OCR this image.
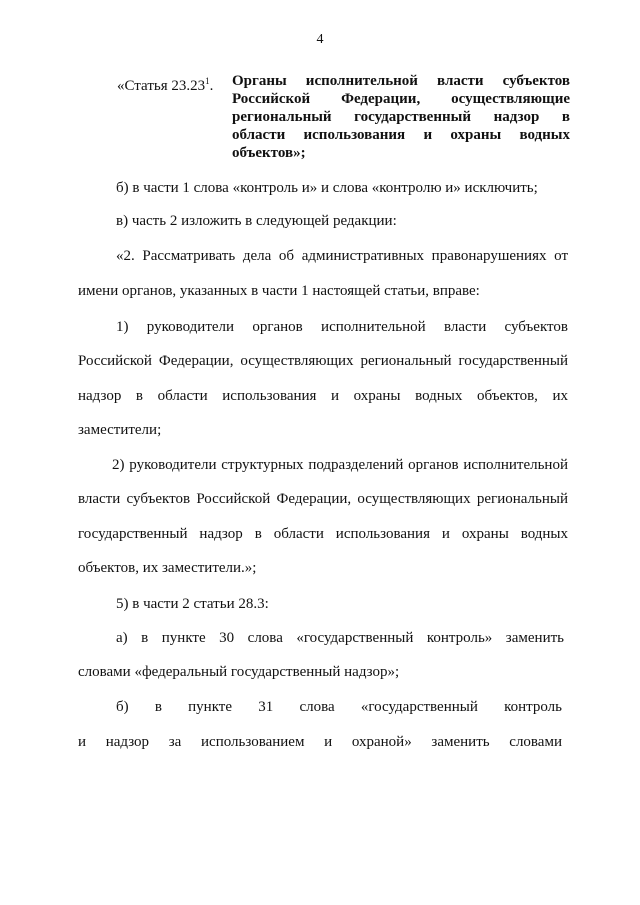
4
«Статья 23.23$^1$. Органы исполнительной власти субъектов
Российской Федерации, осуществляющие
региональный государственный надзор в
области использования и охраны водных
объектов»;
б) в части 1 слова «контроль и» и слова «контролю и» исключить;
в) часть 2 изложить в следующей редакции:
«2. Рассматривать дела об административных правонарушениях от
имени органов, указанных в части 1 настоящей статьи, вправе:
1) руководители органов исполнительной власти субъектов
Российской Федерации, осуществляющих региональный государственный
надзор в области использования и охраны водных объектов, их
заместители;
2) руководители структурных подразделений органов исполнительной
власти субъектов Российской Федерации, осуществляющих региональный
государственный надзор в области использования и охраны водных
объектов, их заместители.»;
5) в части 2 статьи 28.3:
а) в пункте 30 слова «государственный контроль» заменить
словами «федеральный государственный надзор»;
б) в пункте 31 слова «государственный контроль
и надзор за использованием и охраной» заменить словами
